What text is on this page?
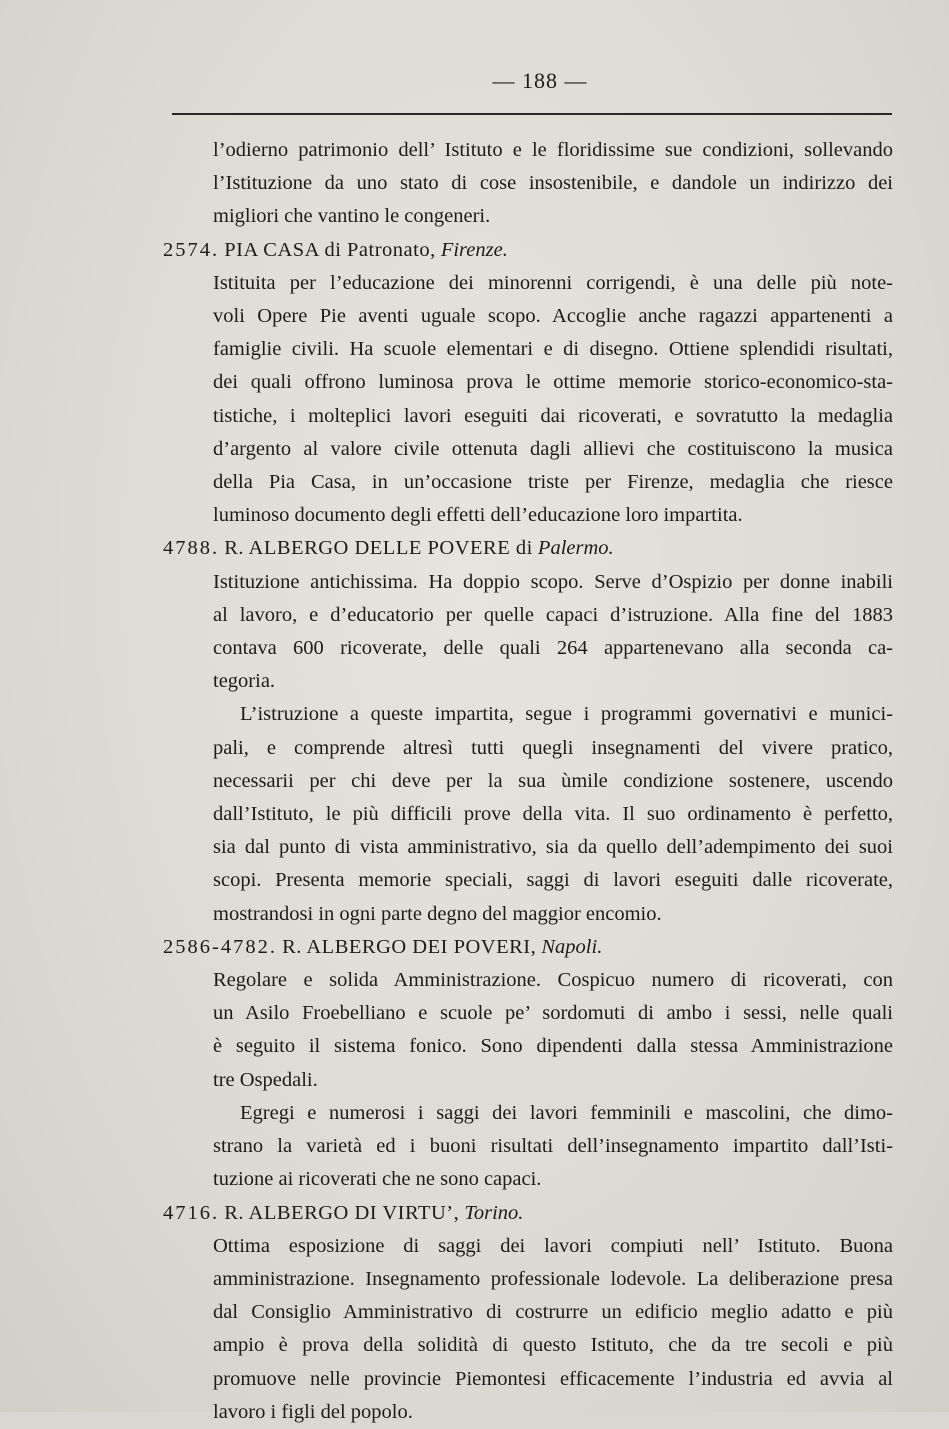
— 188 —
l’odierno patrimonio dell’ Istituto e le floridissime sue condizioni, sollevando
l’Istituzione da uno stato di cose insostenibile, e dandole un indirizzo dei
migliori che vantino le congeneri.
2574. PIA CASA di Patronato, Firenze.
Istituita per l’educazione dei minorenni corrigendi, è una delle più note-
voli Opere Pie aventi uguale scopo. Accoglie anche ragazzi appartenenti a
famiglie civili. Ha scuole elementari e di disegno. Ottiene splendidi risultati,
dei quali offrono luminosa prova le ottime memorie storico-economico-sta-
tistiche, i molteplici lavori eseguiti dai ricoverati, e sovratutto la medaglia
d’argento al valore civile ottenuta dagli allievi che costituiscono la musica
della Pia Casa, in un’occasione triste per Firenze, medaglia che riesce
luminoso documento degli effetti dell’educazione loro impartita.
4788. R. ALBERGO DELLE POVERE di Palermo.
Istituzione antichissima. Ha doppio scopo. Serve d’Ospizio per donne inabili
al lavoro, e d’educatorio per quelle capaci d’istruzione. Alla fine del 1883
contava 600 ricoverate, delle quali 264 appartenevano alla seconda ca-
tegoria.
L’istruzione a queste impartita, segue i programmi governativi e munici-
pali, e comprende altresì tutti quegli insegnamenti del vivere pratico,
necessarii per chi deve per la sua ùmile condizione sostenere, uscendo
dall’Istituto, le più difficili prove della vita. Il suo ordinamento è perfetto,
sia dal punto di vista amministrativo, sia da quello dell’adempimento dei suoi
scopi. Presenta memorie speciali, saggi di lavori eseguiti dalle ricoverate,
mostrandosi in ogni parte degno del maggior encomio.
2586-4782. R. ALBERGO DEI POVERI, Napoli.
Regolare e solida Amministrazione. Cospicuo numero di ricoverati, con
un Asilo Froebelliano e scuole pe’ sordomuti di ambo i sessi, nelle quali
è seguito il sistema fonico. Sono dipendenti dalla stessa Amministrazione
tre Ospedali.
Egregi e numerosi i saggi dei lavori femminili e mascolini, che dimo-
strano la varietà ed i buoni risultati dell’insegnamento impartito dall’Isti-
tuzione ai ricoverati che ne sono capaci.
4716. R. ALBERGO DI VIRTU’, Torino.
Ottima esposizione di saggi dei lavori compiuti nell’ Istituto. Buona
amministrazione. Insegnamento professionale lodevole. La deliberazione presa
dal Consiglio Amministrativo di costrurre un edificio meglio adatto e più
ampio è prova della solidità di questo Istituto, che da tre secoli e più
promuove nelle provincie Piemontesi efficacemente l’industria ed avvia al
lavoro i figli del popolo.
